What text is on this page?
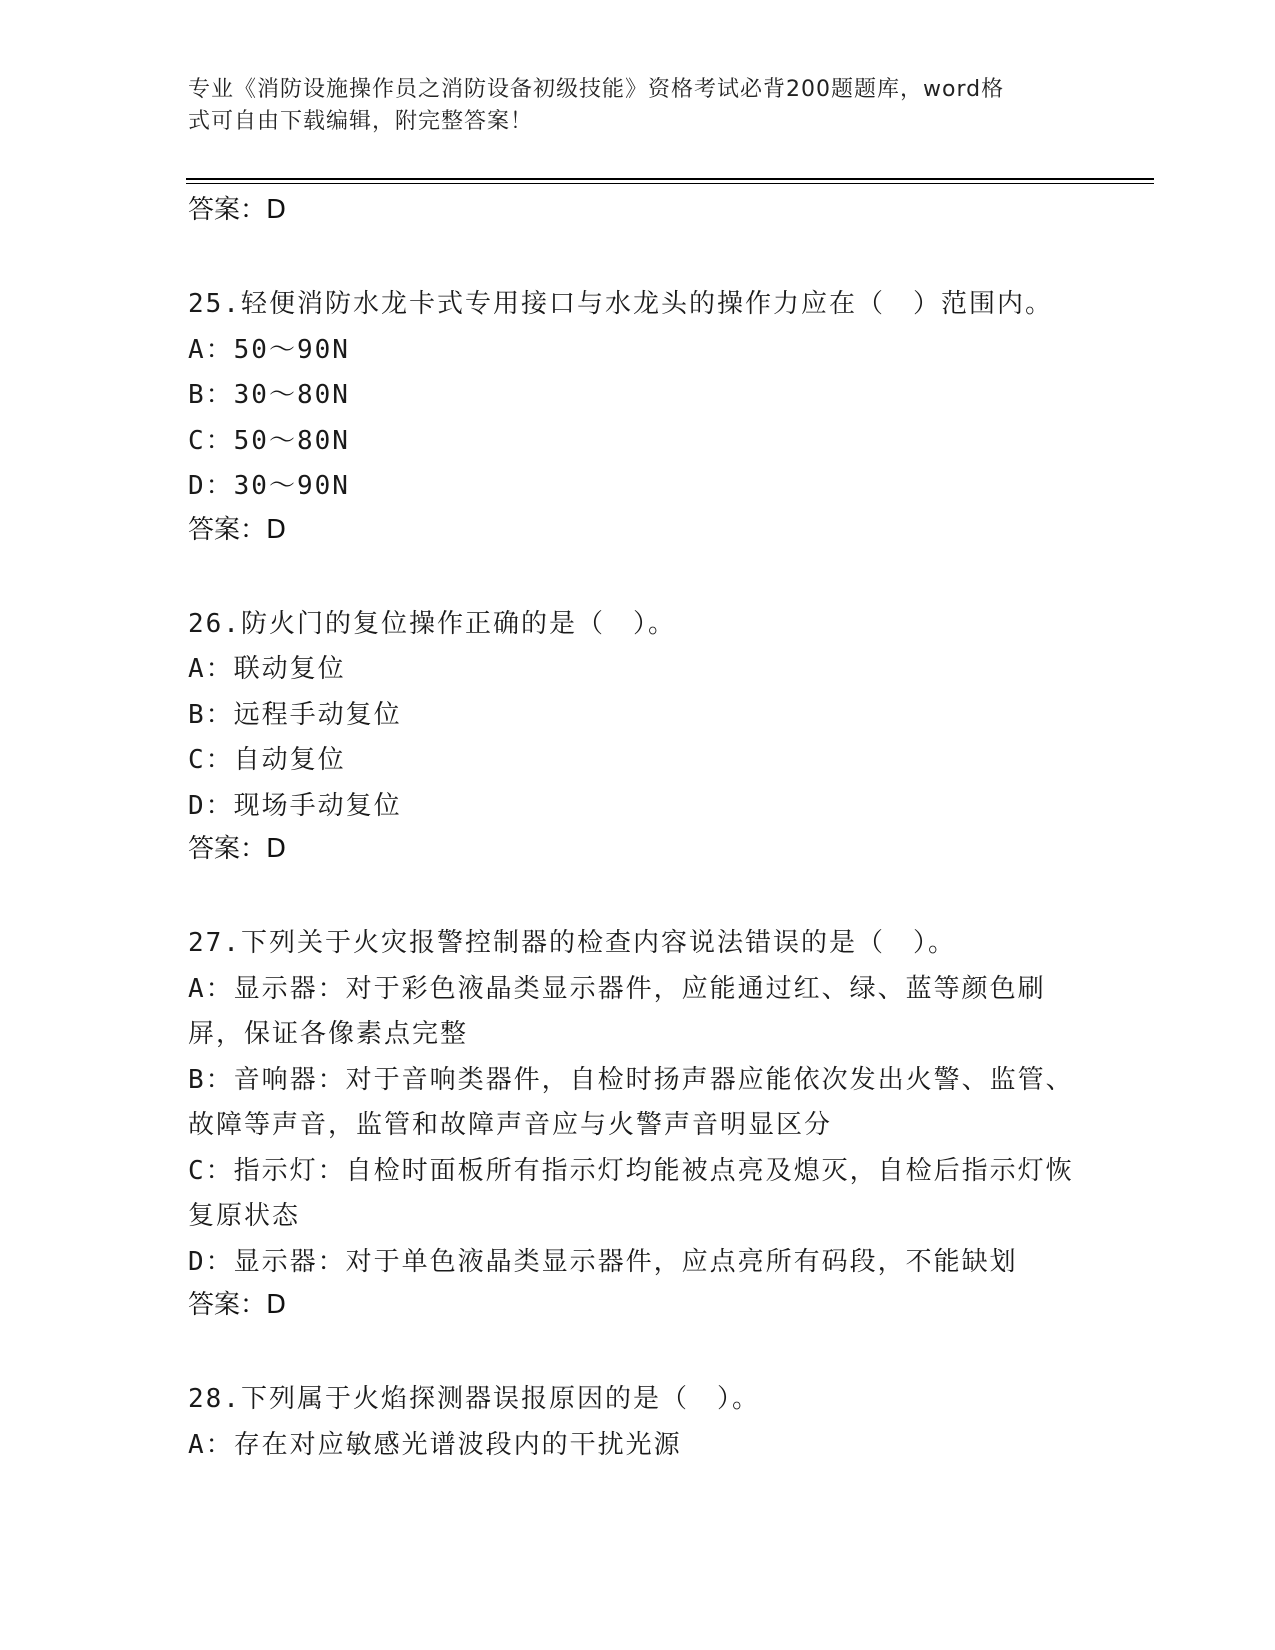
专业《消防设施操作员之消防设备初级技能》资格考试必背200题题库，word格
式可自由下载编辑，附完整答案！
答案：D
25.轻便消防水龙卡式专用接口与水龙头的操作力应在（　）范围内。
A：50～90N
B：30～80N
C：50～80N
D：30～90N
答案：D
26.防火门的复位操作正确的是（　）。
A：联动复位
B：远程手动复位
C：自动复位
D：现场手动复位
答案：D
27.下列关于火灾报警控制器的检查内容说法错误的是（　）。
A：显示器：对于彩色液晶类显示器件，应能通过红、绿、蓝等颜色刷屏，保证各像素点完整
B：音响器：对于音响类器件，自检时扬声器应能依次发出火警、监管、故障等声音，监管和故障声音应与火警声音明显区分
C：指示灯：自检时面板所有指示灯均能被点亮及熄灭，自检后指示灯恢复原状态
D：显示器：对于单色液晶类显示器件，应点亮所有码段，不能缺划
答案：D
28.下列属于火焰探测器误报原因的是（　）。
A：存在对应敏感光谱波段内的干扰光源
